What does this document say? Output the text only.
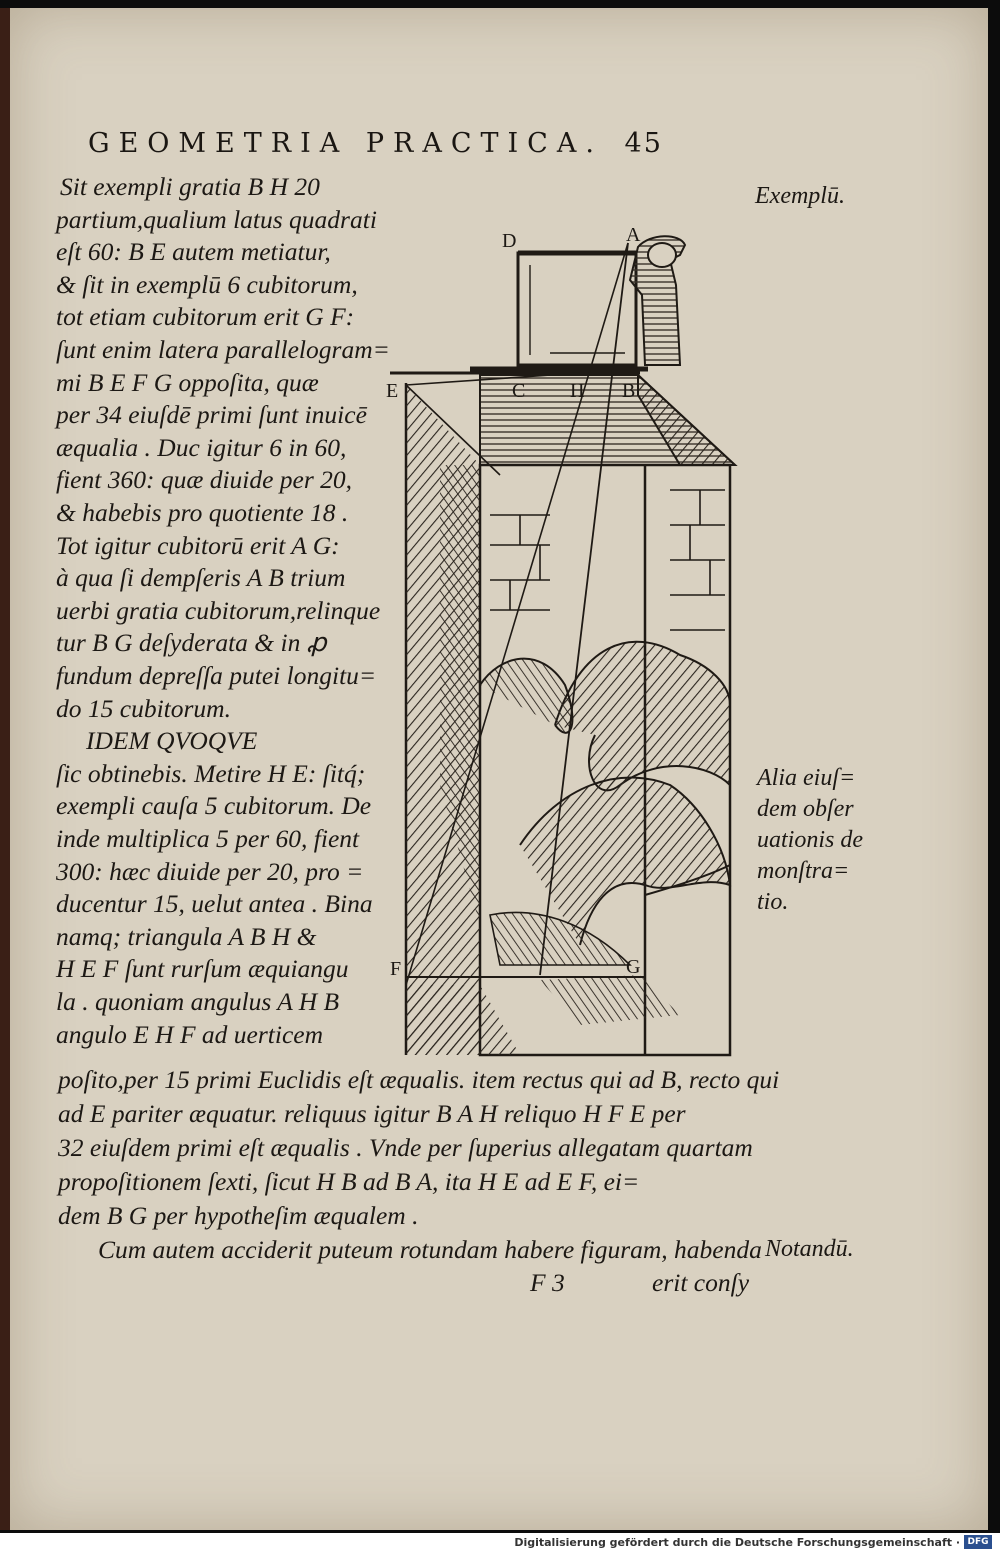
GEOMETRIA PRACTICA. 45
Sit exempli gratia B H 20
partium,qualium latus quadrati
eſt 60: B E autem metiatur,
& ſit in exemplū 6 cubitorum,
tot etiam cubitorum erit G F:
ſunt enim latera parallelogram=
mi B E F G oppoſita, quæ
per 34 eiuſdē primi ſunt inuicē
æqualia . Duc igitur 6 in 60,
fient 360: quæ diuide per 20,
& habebis pro quotiente 18 .
Tot igitur cubitorū erit A G:
à qua ſi dempſeris A B trium
uerbi gratia cubitorum,relinque
tur B G deſyderata & in ꝓ
fundum depreſſa putei longitu=
do 15 cubitorum.
IDEM QVOQVE
ſic obtinebis. Metire H E: ſitq́;
exempli cauſa 5 cubitorum. De
inde multiplica 5 per 60, fient
300: hæc diuide per 20, pro =
ducentur 15, uelut antea . Bina
namq; triangula A B H &
H E F ſunt rurſum æquiangu
la . quoniam angulus A H B
angulo E H F ad uerticem
poſito,per 15 primi Euclidis eſt æqualis. item rectus qui ad B, recto qui
ad E pariter æquatur. reliquus igitur B A H reliquo H F E per
32 eiuſdem primi eſt æqualis . Vnde per ſuperius allegatam quartam
propoſitionem ſexti, ſicut H B ad B A, ita H E ad E F, ei=
dem B G per hypotheſim æqualem .
Cum autem acciderit puteum rotundam habere figuram, habenda
Exemplū.
Alia eiuſ=
dem obſer
uationis de
monſtra=
tio.
Notandū.
F 3	erit conſy
D	A
E	C H B
F	G
Digitalisierung gefördert durch die Deutsche Forschungsgemeinschaft · DFG
